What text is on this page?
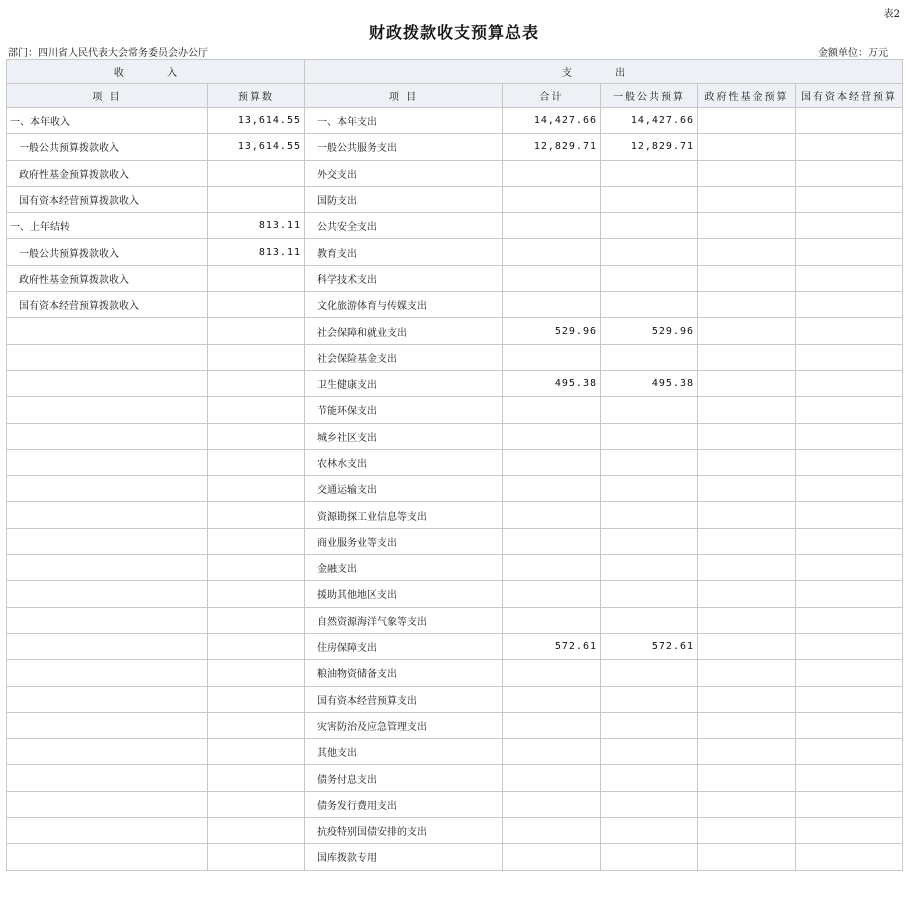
表2
财政拨款收支预算总表
部门：四川省人民代表大会常务委员会办公厅	金额单位：万元
收 入		支 出				
项 目	预算数	项 目	合计	一般公共预算	政府性基金预算	国有资本经营预算
一、本年收入	13,614.55	一、本年支出	14,427.66	14,427.66		
一般公共预算拨款收入	13,614.55	一般公共服务支出	12,829.71	12,829.71		
政府性基金预算拨款收入		外交支出				
国有资本经营预算拨款收入		国防支出				
一、上年结转	813.11	公共安全支出				
一般公共预算拨款收入	813.11	教育支出				
政府性基金预算拨款收入		科学技术支出				
国有资本经营预算拨款收入		文化旅游体育与传媒支出				
		社会保障和就业支出	529.96	529.96		
		社会保险基金支出				
		卫生健康支出	495.38	495.38		
		节能环保支出				
		城乡社区支出				
		农林水支出				
		交通运输支出				
		资源勘探工业信息等支出				
		商业服务业等支出				
		金融支出				
		援助其他地区支出				
		自然资源海洋气象等支出				
		住房保障支出	572.61	572.61		
		粮油物资储备支出				
		国有资本经营预算支出				
		灾害防治及应急管理支出				
		其他支出				
		债务付息支出				
		债务发行费用支出				
		抗疫特别国债安排的支出				
		国库拨款专用				
